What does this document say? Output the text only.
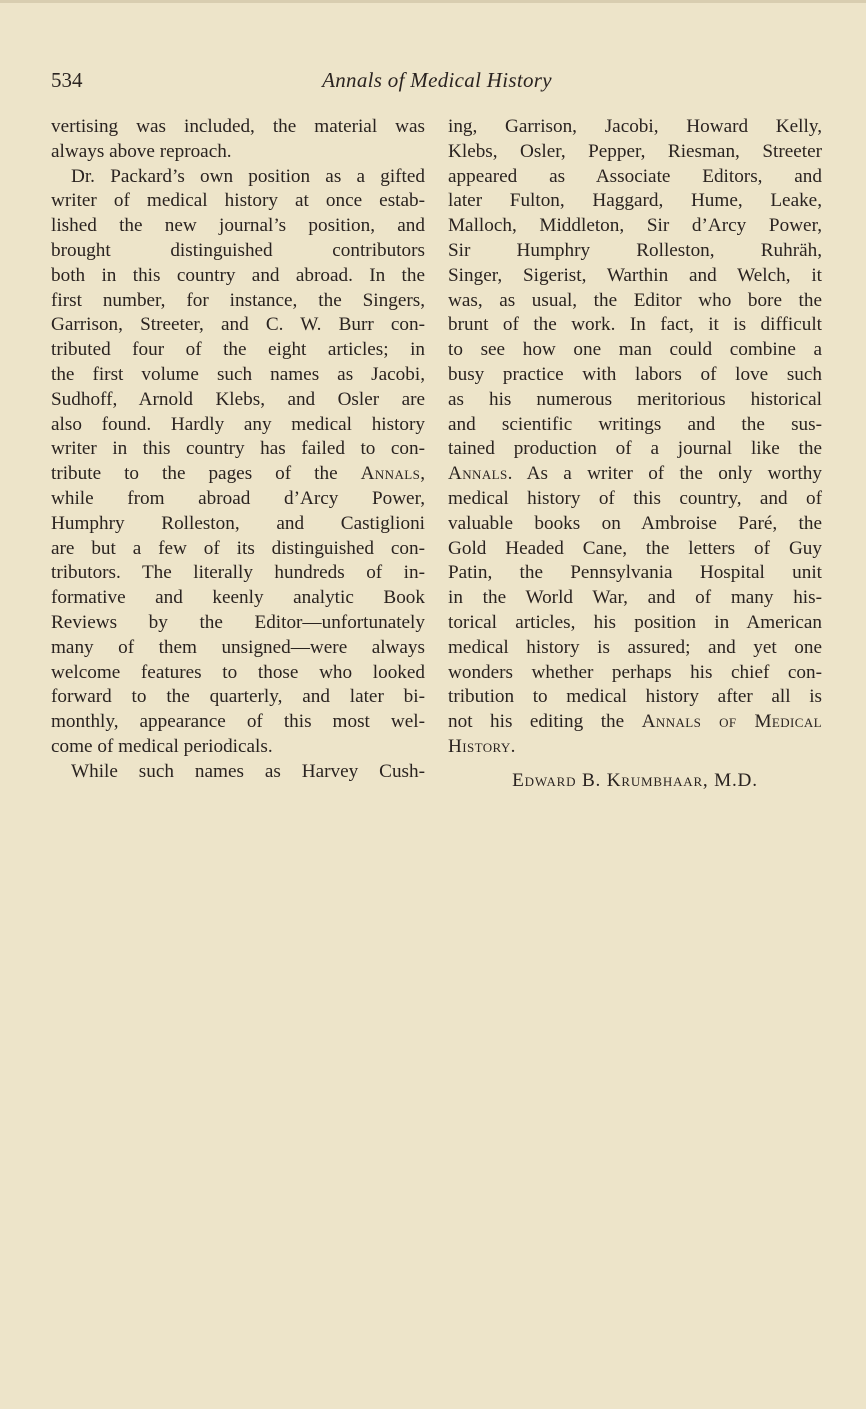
534	Annals of Medical History
vertising was included, the material was
always above reproach.
Dr. Packard’s own position as a gifted
writer of medical history at once estab-
lished the new journal’s position, and
brought distinguished contributors
both in this country and abroad. In the
first number, for instance, the Singers,
Garrison, Streeter, and C. W. Burr con-
tributed four of the eight articles; in
the first volume such names as Jacobi,
Sudhoff, Arnold Klebs, and Osler are
also found. Hardly any medical history
writer in this country has failed to con-
tribute to the pages of the Annals,
while from abroad d’Arcy Power,
Humphry Rolleston, and Castiglioni
are but a few of its distinguished con-
tributors. The literally hundreds of in-
formative and keenly analytic Book
Reviews by the Editor—unfortunately
many of them unsigned—were always
welcome features to those who looked
forward to the quarterly, and later bi-
monthly, appearance of this most wel-
come of medical periodicals.
While such names as Harvey Cush-
ing, Garrison, Jacobi, Howard Kelly,
Klebs, Osler, Pepper, Riesman, Streeter
appeared as Associate Editors, and
later Fulton, Haggard, Hume, Leake,
Malloch, Middleton, Sir d’Arcy Power,
Sir Humphry Rolleston, Ruhräh,
Singer, Sigerist, Warthin and Welch, it
was, as usual, the Editor who bore the
brunt of the work. In fact, it is difficult
to see how one man could combine a
busy practice with labors of love such
as his numerous meritorious historical
and scientific writings and the sus-
tained production of a journal like the
Annals. As a writer of the only worthy
medical history of this country, and of
valuable books on Ambroise Paré, the
Gold Headed Cane, the letters of Guy
Patin, the Pennsylvania Hospital unit
in the World War, and of many his-
torical articles, his position in American
medical history is assured; and yet one
wonders whether perhaps his chief con-
tribution to medical history after all is
not his editing the Annals of Medical
History.
Edward B. Krumbhaar, M.D.
